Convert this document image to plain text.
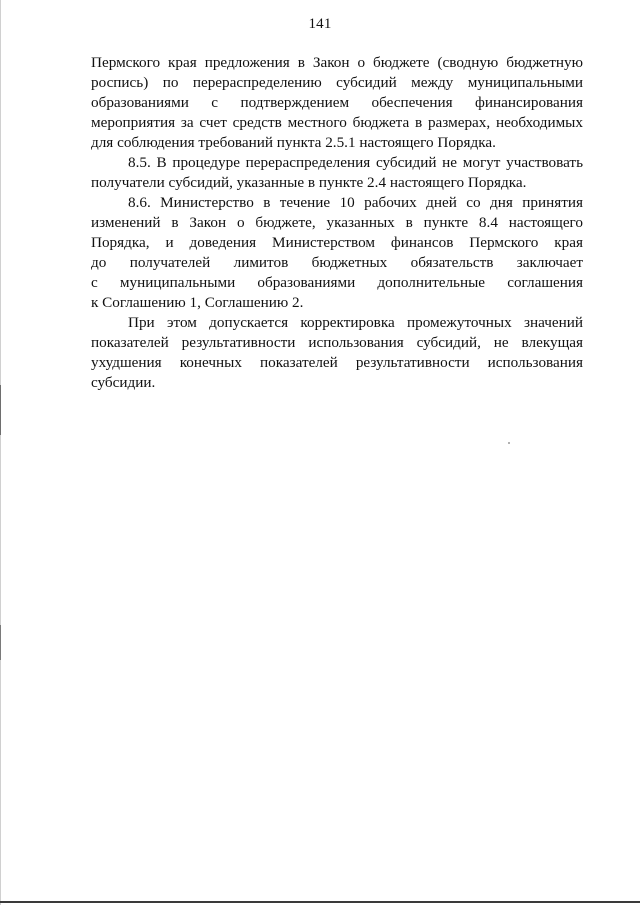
141
Пермского края предложения в Закон о бюджете (сводную бюджетную
роспись) по перераспределению субсидий между муниципальными
образованиями с подтверждением обеспечения финансирования
мероприятия за счет средств местного бюджета в размерах, необходимых
для соблюдения требований пункта 2.5.1 настоящего Порядка.
8.5. В процедуре перераспределения субсидий не могут участвовать
получатели субсидий, указанные в пункте 2.4 настоящего Порядка.
8.6. Министерство в течение 10 рабочих дней со дня принятия
изменений в Закон о бюджете, указанных в пункте 8.4 настоящего
Порядка, и доведения Министерством финансов Пермского края
до получателей лимитов бюджетных обязательств заключает
с муниципальными образованиями дополнительные соглашения
к Соглашению 1, Соглашению 2.
При этом допускается корректировка промежуточных значений
показателей результативности использования субсидий, не влекущая
ухудшения конечных показателей результативности использования
субсидии.
